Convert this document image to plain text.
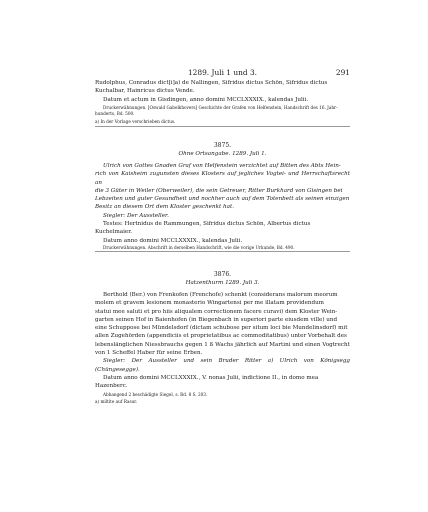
1289. Juli 1 und 3.	291

Rudolphus, Conradus dict[i]a) de Nallingen, Sifridus dictus Schön, Sifridus dictus

Kuchalbar, Hainricus dictus Vende.

Datum et actum in Gisdingen, anno domini MCCLXXXIX., kalendas Julii.

Druckerwähnungen. [Oswald Gabelkhovers] Geschichte der Grafen von Helfenstein, Handschrift des 16. Jahr-

hunderts, Bd. 500.

a) In der Vorlage verschrieben dictus.

3875.

Ohne Ortsangabe. 1289. Juli 1.

Ulrich von Gottes Gnaden Graf von Helfenstein verzichtet auf Bitten des Abts Hein-

rich von Kaisheim zugunsten dieses Klosters auf jegliches Vogtei- und Herrschaftsrecht an

die 3 Güter in Weiler (Oberweiler), die sein Getreuer, Ritter Burkhard von Gisingen bei

Lebzeiten und guter Gesundheit und nochher auch auf dem Totenbett als seinen einzigen

Besitz an diesem Ort dem Kloster geschenkt hat.

Siegler: Der Aussteller.

Testes: Hertnidus de Rammungen, Sifridus dictus Schön, Albertus dictus

Kuchelmaier.

Datum anno domini MCCLXXXIX., kalendas Julii.

Druckerwähnungen. Abschrift in derselben Handschrift, wie die vorige Urkunde, Bd. 490.

3876.

Hatzenthurm 1289. Juli 3.

Berthold (Ber.) von Frenkofen (Frenchofe) schenkt (considerans malorum meorum

molem et gravem lesionem monasterio Wingartensi per me illatam providendum

statui mee saluti et pro hiis aliqualem correctionem facere curavi) dem Kloster Wein-

garten seinen Hof in Baienhofen (in Biegenbach in superiori parte eiusdem ville) und

eine Schuppose bei Mündelsdorf (dictam schubose per situm loci bie Mundelinsdorf) mit

allen Zugehörden (appendiciis et proprietatibus ac commoditatibus) unter Vorbehalt des

lebenslänglichen Niessbrauchs gegen 1 ß Wachs jährlich auf Martini und einen Vogtrecht

von 1 Scheffel Haber für seine Erben.

Siegler: Der Aussteller und sein Bruder Ritter a) Ulrich von Königsegg (Chüngesegge).

Datum anno domini MCCLXXXIX., V. nonas Julii, indictione II., in domo mea

Hazenberc.

Abhangend 2 beschädigte Siegel, s. Bd. 8 S. 203.

a) miltite auf Rasur.
